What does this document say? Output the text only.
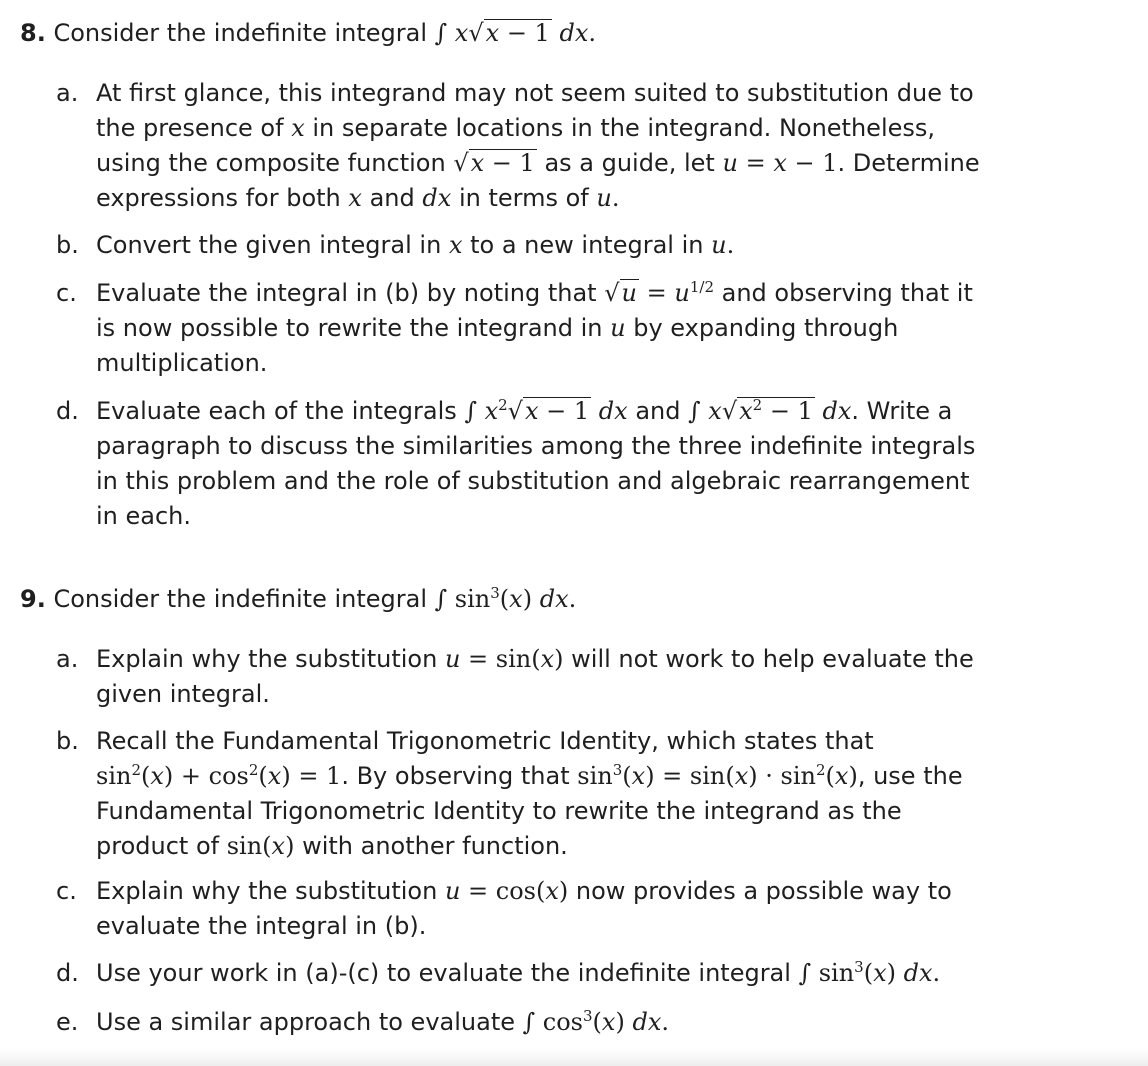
8. Consider the indefinite integral ∫ x√x − 1 dx.
a. At first glance, this integrand may not seem suited to substitution due to
the presence of x in separate locations in the integrand. Nonetheless,
using the composite function √x − 1 as a guide, let u = x − 1. Determine
expressions for both x and dx in terms of u.
b. Convert the given integral in x to a new integral in u.
c. Evaluate the integral in (b) by noting that $√u = u^{1/2}$ and observing that it
is now possible to rewrite the integrand in u by expanding through
multiplication.
d. Evaluate each of the integrals ∫ $x^2√x - 1$ dx and ∫ $x√x^2 - 1$ dx. Write a
paragraph to discuss the similarities among the three indefinite integrals
in this problem and the role of substitution and algebraic rearrangement
in each.
9. Consider the indefinite integral ∫ $\sin^3(x)$ dx.
a. Explain why the substitution u = sin(x) will not work to help evaluate the
given integral.
b. Recall the Fundamental Trigonometric Identity, which states that
$\sin^2(x) + \cos^2(x) = 1$. By observing that $\sin^3(x) = \sin(x) \cdot \sin^2(x)$, use the
Fundamental Trigonometric Identity to rewrite the integrand as the
product of sin(x) with another function.
c. Explain why the substitution u = cos(x) now provides a possible way to
evaluate the integral in (b).
d. Use your work in (a)-(c) to evaluate the indefinite integral ∫ $\sin^3(x)$ dx.
e. Use a similar approach to evaluate ∫ $\cos^3(x)$ dx.
